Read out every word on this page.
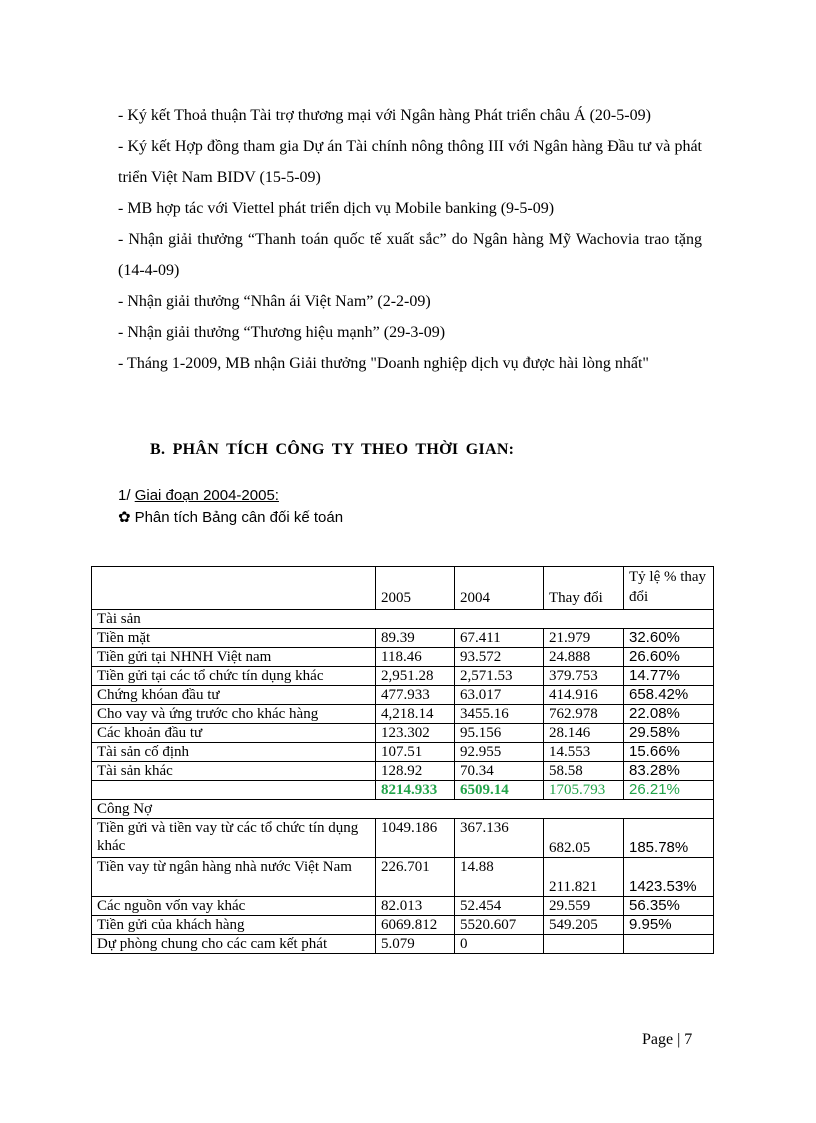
- Ký kết Thoả thuận Tài trợ thương mại với Ngân hàng Phát triển châu Á (20-5-09)

- Ký kết Hợp đồng tham gia Dự án Tài chính nông thông III với Ngân hàng Đầu tư và phát triển Việt Nam BIDV (15-5-09)

- MB hợp tác với Viettel phát triển dịch vụ Mobile banking (9-5-09)

- Nhận giải thưởng “Thanh toán quốc tế xuất sắc” do Ngân hàng Mỹ Wachovia trao tặng (14-4-09)

- Nhận giải thưởng “Nhân ái Việt Nam” (2-2-09)

- Nhận giải thưởng “Thương hiệu mạnh” (29-3-09)

- Tháng 1-2009, MB nhận Giải thưởng "Doanh nghiệp dịch vụ được hài lòng nhất"

B. PHÂN TÍCH CÔNG TY THEO THỜI GIAN:
1/ Giai đoạn 2004-2005:
✿ Phân tích Bảng cân đối kế toán
	2005	2004	Thay đổi	Tỷ lệ % thay đổi
Tài sản				
Tiền mặt	89.39	67.411	21.979	32.60%
Tiền gửi tại NHNH Việt nam	118.46	93.572	24.888	26.60%
Tiền gửi tại các tổ chức tín dụng khác	2,951.28	2,571.53	379.753	14.77%
Chứng khóan đầu tư	477.933	63.017	414.916	658.42%
Cho vay và ứng trước cho khác hàng	4,218.14	3455.16	762.978	22.08%
Các khoản đầu tư	123.302	95.156	28.146	29.58%
Tài sản cố định	107.51	92.955	14.553	15.66%
Tài sản khác	128.92	70.34	58.58	83.28%
	8214.933	6509.14	1705.793	26.21%
Công Nợ				
Tiền gửi và tiền vay từ các tổ chức tín dụng khác	1049.186	367.136	682.05	185.78%
Tiền vay từ ngân hàng nhà nước Việt Nam	226.701	14.88	211.821	1423.53%
Các nguồn vốn vay khác	82.013	52.454	29.559	56.35%
Tiền gửi của khách hàng	6069.812	5520.607	549.205	9.95%
Dự phòng chung cho các cam kết phát	5.079	0		
Page | 7
